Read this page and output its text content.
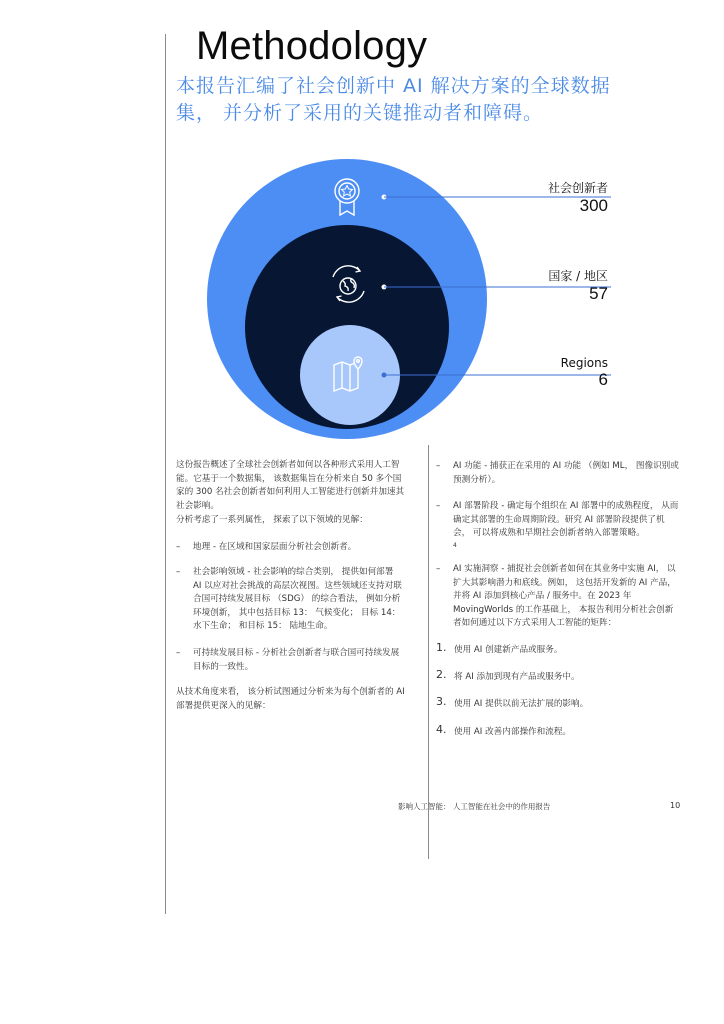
Methodology

本报告汇编了社会创新中 AI 解决方案的全球数据集， 并分析了采用的关键推动者和障碍。

社会创新者
300
国家 / 地区
57
Regions
6

这份报告概述了全球社会创新者如何以各种形式采用人工智能。它基于一个数据集， 该数据集旨在分析来自 50 多个国家的 300 名社会创新者如何利用人工智能进行创新并加速其社会影响。

分析考虑了一系列属性， 探索了以下领域的见解：

– 地理 - 在区域和国家层面分析社会创新者。
– 社会影响领域 - 社会影响的综合类别， 提供如何部署 AI 以应对社会挑战的高层次视图。这些领域还支持对联合国可持续发展目标 （SDG） 的综合看法， 例如分析环境创新， 其中包括目标 13： 气候变化； 目标 14： 水下生命； 和目标 15： 陆地生命。
– 可持续发展目标 - 分析社会创新者与联合国可持续发展目标的一致性。

从技术角度来看， 该分析试图通过分析来为每个创新者的 AI 部署提供更深入的见解：

– AI 功能 - 捕获正在采用的 AI 功能 （例如 ML， 图像识别或预测分析）。
– AI 部署阶段 - 确定每个组织在 AI 部署中的成熟程度， 从而确定其部署的生命周期阶段。研究 AI 部署阶段提供了机会， 可以将成熟和早期社会创新者纳入部署策略。
4
– AI 实施洞察 - 捕捉社会创新者如何在其业务中实施 AI， 以扩大其影响潜力和底线。例如， 这包括开发新的 AI 产品， 并将 AI 添加到核心产品 / 服务中。在 2023 年 MovingWorlds 的工作基础上， 本报告利用分析社会创新者如何通过以下方式采用人工智能的矩阵：
1. 使用 AI 创建新产品或服务。
2. 将 AI 添加到现有产品或服务中。
3. 使用 AI 提供以前无法扩展的影响。
4. 使用 AI 改善内部操作和流程。
影响人工智能： 人工智能在社会中的作用报告	10
